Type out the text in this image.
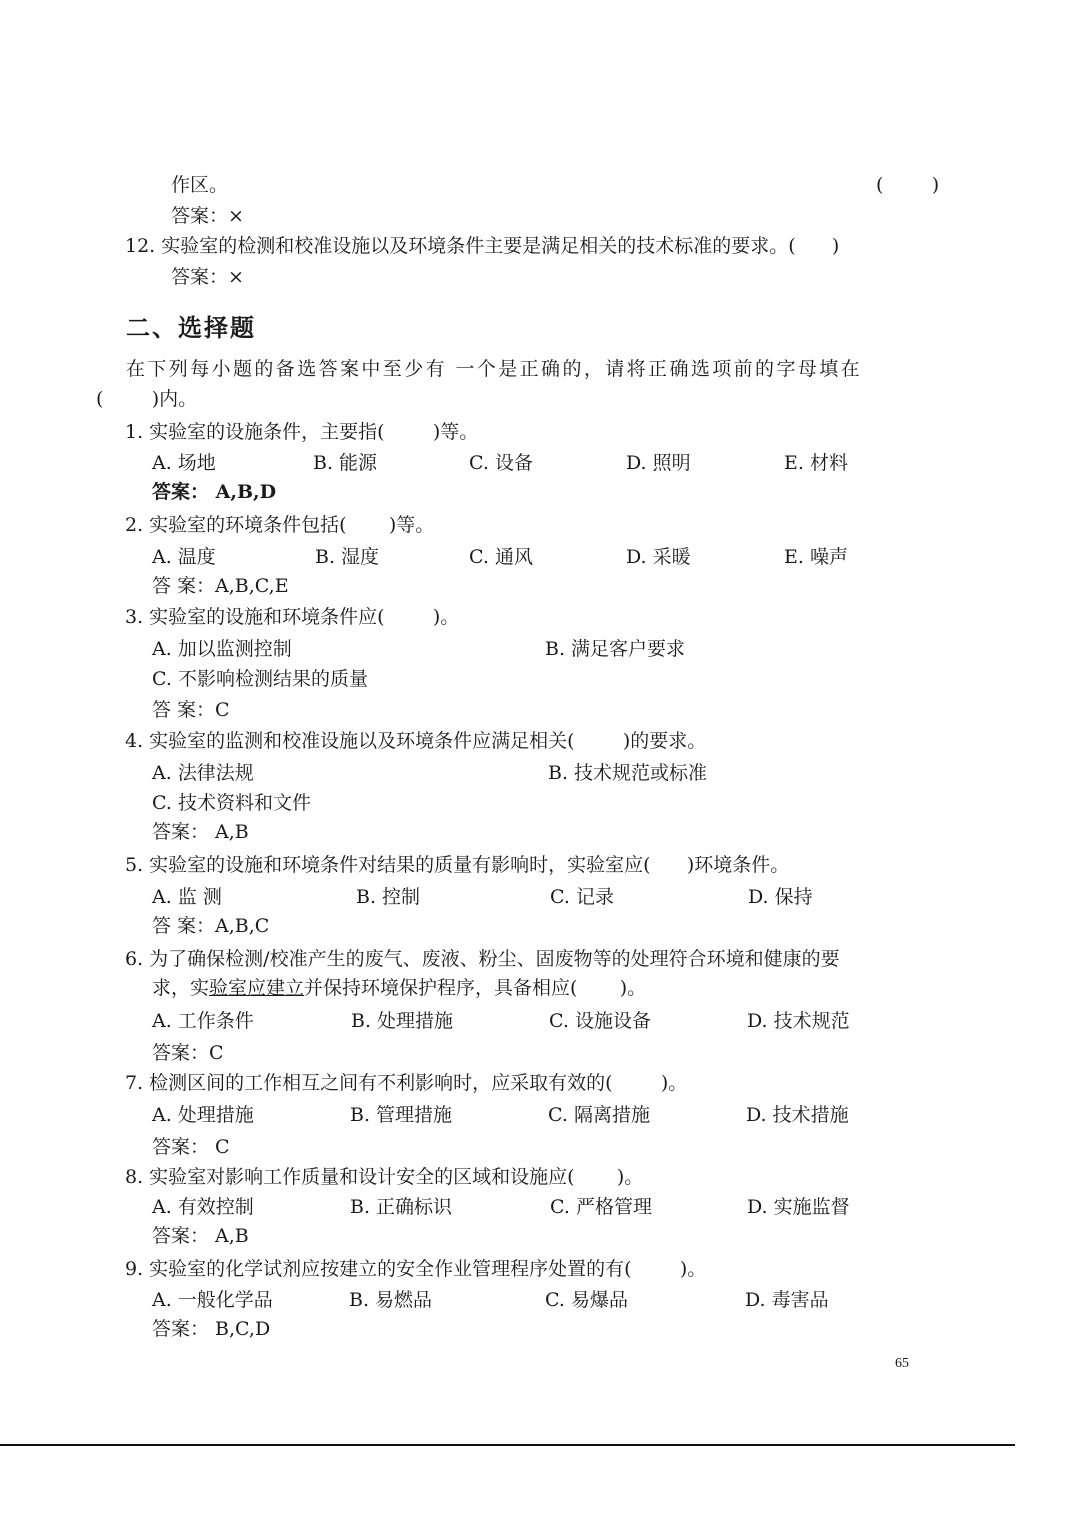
作区。	(        )
答案：×
12. 实验室的检测和校准设施以及环境条件主要是满足相关的技术标准的要求。(      )
答案：×
二、选择题
在下列每小题的备选答案中至少有 一个是正确的，请将正确选项前的字母填在
(        )内。
1. 实验室的设施条件，主要指(        )等。
A. 场地	B. 能源	C. 设备	D. 照明	E. 材料
答案： A,B,D
2. 实验室的环境条件包括(       )等。
A. 温度	B. 湿度	C. 通风	D. 采暖	E. 噪声
答 案：A,B,C,E
3. 实验室的设施和环境条件应(        )。
A. 加以监测控制	B. 满足客户要求
C. 不影响检测结果的质量
答 案：C
4. 实验室的监测和校准设施以及环境条件应满足相关(        )的要求。
A. 法律法规	B. 技术规范或标准
C. 技术资料和文件
答案： A,B
5. 实验室的设施和环境条件对结果的质量有影响时，实验室应(      )环境条件。
A. 监 测	B. 控制	C. 记录	D. 保持
答 案：A,B,C
6. 为了确保检测/校准产生的废气、废液、粉尘、固废物等的处理符合环境和健康的要
求，实验室应建立并保持环境保护程序，具备相应(       )。
A. 工作条件	B. 处理措施	C. 设施设备	D. 技术规范
答案：C
7. 检测区间的工作相互之间有不利影响时，应采取有效的(        )。
A. 处理措施	B. 管理措施	C. 隔离措施	D. 技术措施
答案： C
8. 实验室对影响工作质量和设计安全的区域和设施应(       )。
A. 有效控制	B. 正确标识	C. 严格管理	D. 实施监督
答案： A,B
9. 实验室的化学试剂应按建立的安全作业管理程序处置的有(        )。
A. 一般化学品	B. 易燃品	C. 易爆品	D. 毒害品
答案： B,C,D
65
